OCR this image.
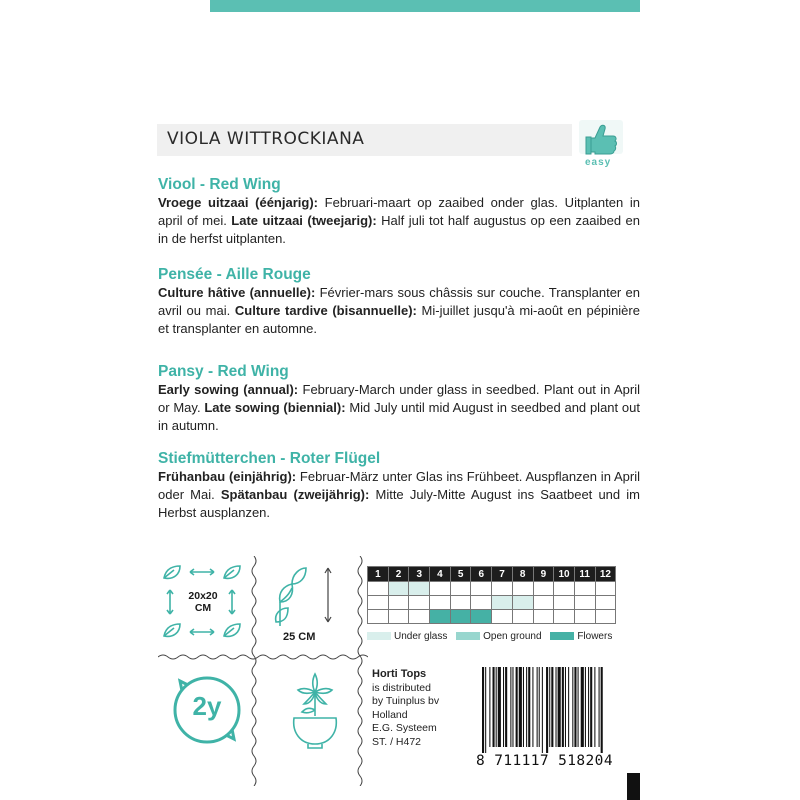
VIOLA WITTROCKIANA
easy
Viool - Red Wing

Vroege uitzaai (éénjarig): Februari-maart op zaaibed onder glas. Uitplanten in april of mei. Late uitzaai (tweejarig): Half juli tot half augustus op een zaaibed en in de herfst uitplanten.

Pensée - Aille Rouge

Culture hâtive (annuelle): Février-mars sous châssis sur couche. Transplanter en avril ou mai. Culture tardive (bisannuelle): Mi-juillet jusqu'à mi-août en pépinière et transplanter en automne.

Pansy - Red Wing

Early sowing (annual): February-March under glass in seedbed. Plant out in April or May. Late sowing (biennial): Mid July until mid August in seedbed and plant out in autumn.

Stiefmütterchen - Roter Flügel

Frühanbau (einjährig): Februar-März unter Glas ins Frühbeet. Auspflanzen in April oder Mai. Spätanbau (zweijährig): Mitte July-Mitte August ins Saatbeet und im Herbst ausplanzen.

20x20
CM
25 CM
2y
1	2	3	4	5	6	7	8	9	10	11	12

Under glass	Open ground	Flowers
Horti Tops
is distributed
by Tuinplus bv
Holland
E.G. Systeem
ST. / H472
8 711117 518204
